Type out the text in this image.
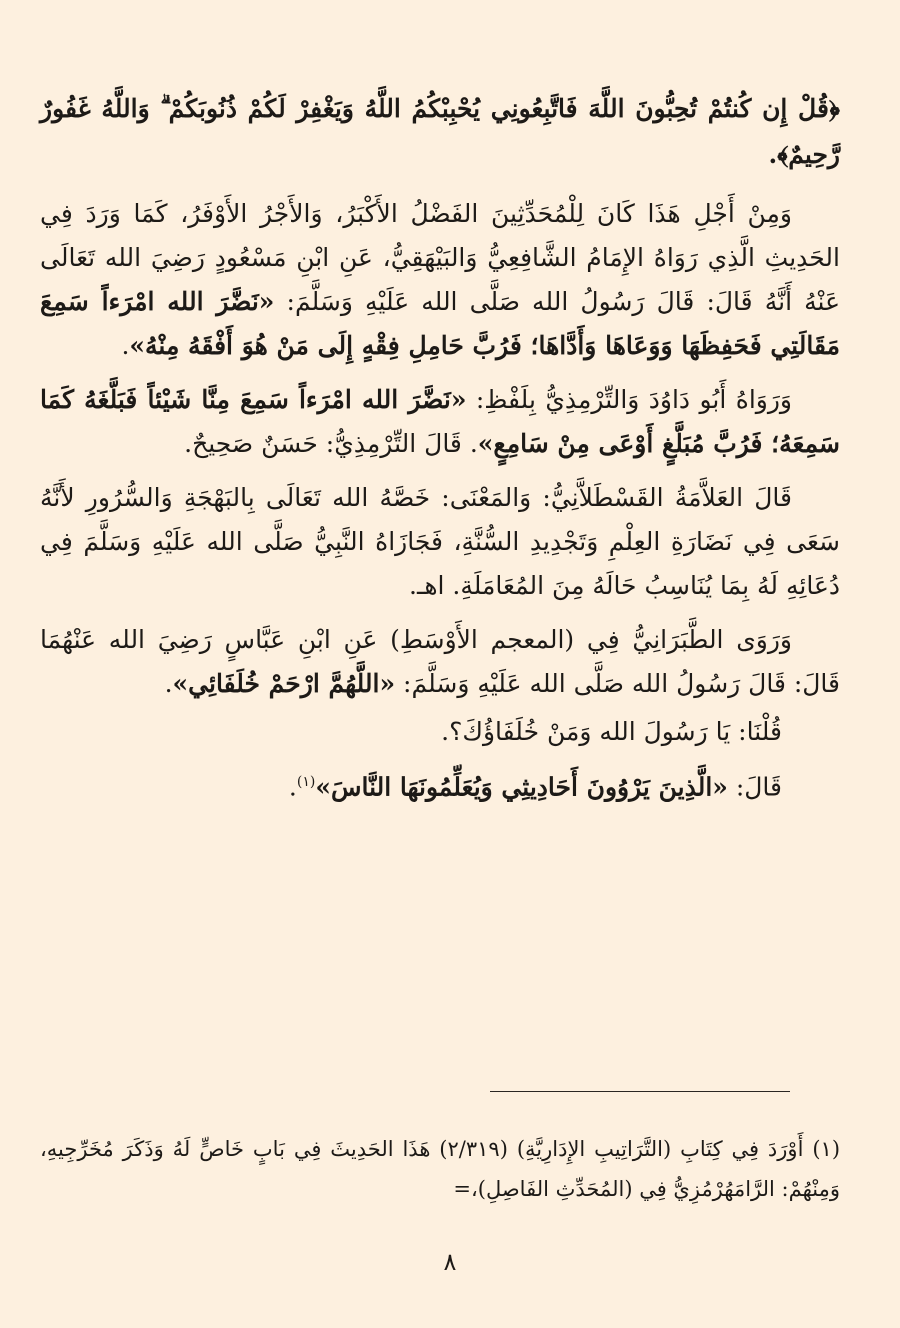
﴿قُلْ إِن كُنتُمْ تُحِبُّونَ اللَّهَ فَاتَّبِعُونِي يُحْبِبْكُمُ اللَّهُ وَيَغْفِرْ لَكُمْ ذُنُوبَكُمْ ۗ وَاللَّهُ غَفُورٌ رَّحِيمٌ﴾.

وَمِنْ أَجْلِ هَذَا كَانَ لِلْمُحَدِّثِينَ الفَضْلُ الأَكْبَرُ، وَالأَجْرُ الأَوْفَرُ، كَمَا وَرَدَ فِي الحَدِيثِ الَّذِي رَوَاهُ الإِمَامُ الشَّافِعِيُّ وَالبَيْهَقِيُّ، عَنِ ابْنِ مَسْعُودٍ رَضِيَ الله تَعَالَى عَنْهُ أَنَّهُ قَالَ: قَالَ رَسُولُ الله صَلَّى الله عَلَيْهِ وَسَلَّمَ: «نَضَّرَ الله امْرَءاً سَمِعَ مَقَالَتِي فَحَفِظَهَا وَوَعَاهَا وَأَدَّاهَا؛ فَرُبَّ حَامِلِ فِقْهٍ إِلَى مَنْ هُوَ أَفْقَهُ مِنْهُ».

وَرَوَاهُ أَبُو دَاوُدَ وَالتِّرْمِذِيُّ بِلَفْظِ: «نَضَّرَ الله امْرَءاً سَمِعَ مِنَّا شَيْئاً فَبَلَّغَهُ كَمَا سَمِعَهُ؛ فَرُبَّ مُبَلَّغٍ أَوْعَى مِنْ سَامِعٍ». قَالَ التِّرْمِذِيُّ: حَسَنٌ صَحِيحٌ.

قَالَ العَلاَّمَةُ القَسْطَلاَّنِيُّ: وَالمَعْنَى: خَصَّهُ الله تَعَالَى بِالبَهْجَةِ وَالسُّرُورِ لأَنَّهُ سَعَى فِي نَضَارَةِ العِلْمِ وَتَجْدِيدِ السُّنَّةِ، فَجَازَاهُ النَّبِيُّ صَلَّى الله عَلَيْهِ وَسَلَّمَ فِي دُعَائِهِ لَهُ بِمَا يُنَاسِبُ حَالَهُ مِنَ المُعَامَلَةِ. اهـ.

وَرَوَى الطَّبَرَانِيُّ فِي (المعجم الأَوْسَطِ) عَنِ ابْنِ عَبَّاسٍ رَضِيَ الله عَنْهُمَا قَالَ: قَالَ رَسُولُ الله صَلَّى الله عَلَيْهِ وَسَلَّمَ: «اللَّهُمَّ ارْحَمْ خُلَفَائِي».

قُلْنَا: يَا رَسُولَ الله وَمَنْ خُلَفَاؤُكَ؟.

قَالَ: «الَّذِينَ يَرْوُونَ أَحَادِيثِي وَيُعَلِّمُونَهَا النَّاسَ»$^{(١)}$.

(١) أَوْرَدَ فِي كِتَابِ (التَّرَاتِيبِ الإِدَارِيَّةِ) (٢/٣١٩) هَذَا الحَدِيثَ فِي بَابٍ خَاصٍّ لَهُ وَذَكَرَ مُخَرِّجِيهِ، وَمِنْهُمْ: الرَّامَهُرْمُزِيُّ فِي (المُحَدِّثِ الفَاصِلِ)،=

٨
